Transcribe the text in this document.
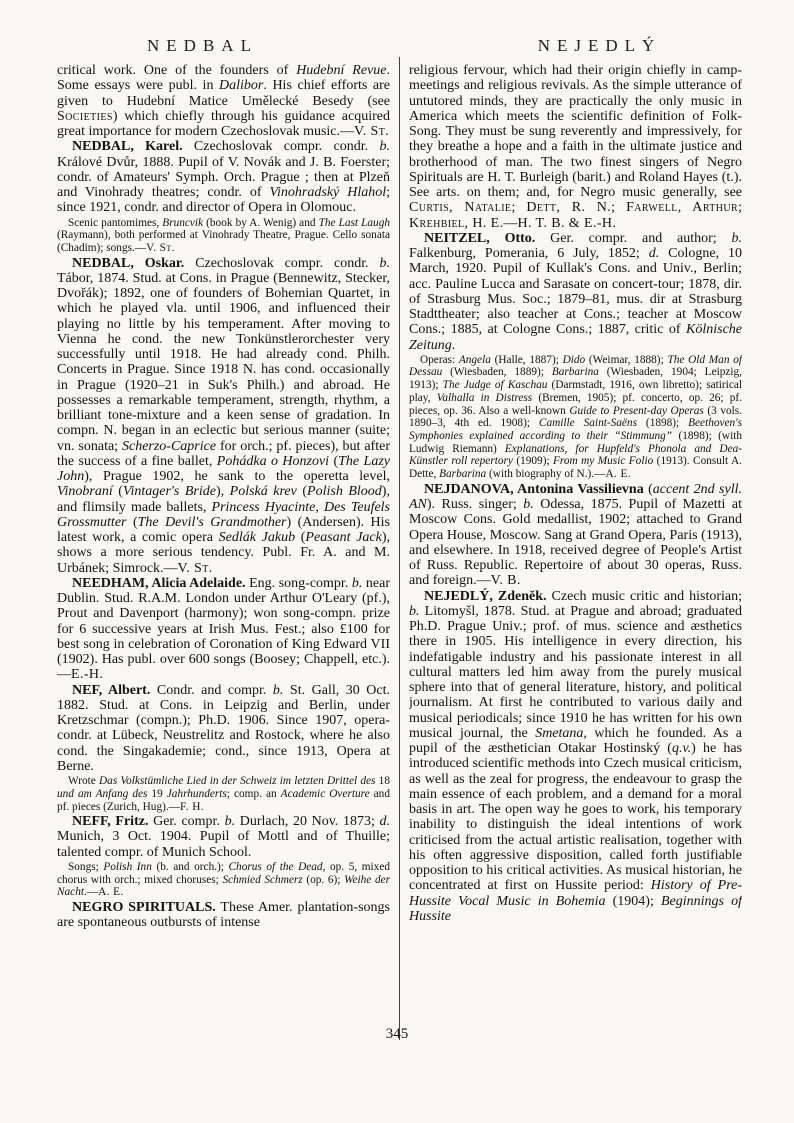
NEDBAL	NEJEDLÝ

critical work. One of the founders of Hudební Revue. Some essays were publ. in Dalibor. His chief efforts are given to Hudební Matice Umělecké Besedy (see Societies) which chiefly through his guidance acquired great importance for modern Czechoslovak music.—V. St.

NEDBAL, Karel. Czechoslovak compr. condr. b. Králové Dvůr, 1888. Pupil of V. Novák and J. B. Foerster; condr. of Amateurs' Symph. Orch. Prague ; then at Plzeň and Vinohrady theatres; condr. of Vinohradský Hlahol; since 1921, condr. and director of Opera in Olomouc.

Scenic pantomimes, Bruncvik (book by A. Wenig) and The Last Laugh (Raymann), both performed at Vinohrady Theatre, Prague. Cello sonata (Chadim); songs.—V. St.

NEDBAL, Oskar. Czechoslovak compr. condr. b. Tábor, 1874. Stud. at Cons. in Prague (Bennewitz, Stecker, Dvořák); 1892, one of founders of Bohemian Quartet, in which he played vla. until 1906, and influenced their playing no little by his temperament. After moving to Vienna he cond. the new Tonkünstlerorchester very successfully until 1918. He had already cond. Philh. Concerts in Prague. Since 1918 N. has cond. occasionally in Prague (1920–21 in Suk's Philh.) and abroad. He possesses a remarkable temperament, strength, rhythm, a brilliant tone-mixture and a keen sense of gradation. In compn. N. began in an eclectic but serious manner (suite; vn. sonata; Scherzo-Caprice for orch.; pf. pieces), but after the success of a fine ballet, Pohádka o Honzovi (The Lazy John), Prague 1902, he sank to the operetta level, Vinobraní (Vintager's Bride), Polská krev (Polish Blood), and flimsily made ballets, Princess Hyacinte, Des Teufels Grossmutter (The Devil's Grandmother) (Andersen). His latest work, a comic opera Sedlák Jakub (Peasant Jack), shows a more serious tendency. Publ. Fr. A. and M. Urbánek; Simrock.—V. St.

NEEDHAM, Alicia Adelaide. Eng. song-compr. b. near Dublin. Stud. R.A.M. London under Arthur O'Leary (pf.), Prout and Davenport (harmony); won song-compn. prize for 6 successive years at Irish Mus. Fest.; also £100 for best song in celebration of Coronation of King Edward VII (1902). Has publ. over 600 songs (Boosey; Chappell, etc.).—E.-H.

NEF, Albert. Condr. and compr. b. St. Gall, 30 Oct. 1882. Stud. at Cons. in Leipzig and Berlin, under Kretzschmar (compn.); Ph.D. 1906. Since 1907, opera-condr. at Lübeck, Neustrelitz and Rostock, where he also cond. the Singakademie; cond., since 1913, Opera at Berne.

Wrote Das Volkstümliche Lied in der Schweiz im letzten Drittel des 18 und am Anfang des 19 Jahrhunderts; comp. an Academic Overture and pf. pieces (Zurich, Hug).—F. H.

NEFF, Fritz. Ger. compr. b. Durlach, 20 Nov. 1873; d. Munich, 3 Oct. 1904. Pupil of Mottl and of Thuille; talented compr. of Munich School.

Songs; Polish Inn (b. and orch.); Chorus of the Dead, op. 5, mixed chorus with orch.; mixed choruses; Schmied Schmerz (op. 6); Weihe der Nacht.—A. E.

NEGRO SPIRITUALS. These Amer. plantation-songs are spontaneous outbursts of intense

religious fervour, which had their origin chiefly in camp-meetings and religious revivals. As the simple utterance of untutored minds, they are practically the only music in America which meets the scientific definition of Folk-Song. They must be sung reverently and impressively, for they breathe a hope and a faith in the ultimate justice and brotherhood of man. The two finest singers of Negro Spirituals are H. T. Burleigh (barit.) and Roland Hayes (t.). See arts. on them; and, for Negro music generally, see Curtis, Natalie; Dett, R. N.; Farwell, Arthur; Krehbiel, H. E.—H. T. B. & E.-H.

NEITZEL, Otto. Ger. compr. and author; b. Falkenburg, Pomerania, 6 July, 1852; d. Cologne, 10 March, 1920. Pupil of Kullak's Cons. and Univ., Berlin; acc. Pauline Lucca and Sarasate on concert-tour; 1878, dir. of Strasburg Mus. Soc.; 1879–81, mus. dir at Strasburg Stadttheater; also teacher at Cons.; teacher at Moscow Cons.; 1885, at Cologne Cons.; 1887, critic of Kölnische Zeitung.

Operas: Angela (Halle, 1887); Dido (Weimar, 1888); The Old Man of Dessau (Wiesbaden, 1889); Barbarina (Wiesbaden, 1904; Leipzig, 1913); The Judge of Kaschau (Darmstadt, 1916, own libretto); satirical play, Valhalla in Distress (Bremen, 1905); pf. concerto, op. 26; pf. pieces, op. 36. Also a well-known Guide to Present-day Operas (3 vols. 1890–3, 4th ed. 1908); Camille Saint-Saëns (1898); Beethoven's Symphonies explained according to their “Stimmung” (1898); (with Ludwig Riemann) Explanations, for Hupfeld's Phonola and Dea-Künstler roll repertory (1909); From my Music Folio (1913). Consult A. Dette, Barbarina (with biography of N.).—A. E.

NEJDANOVA, Antonina Vassilievna (accent 2nd syll. AN). Russ. singer; b. Odessa, 1875. Pupil of Mazetti at Moscow Cons. Gold medallist, 1902; attached to Grand Opera House, Moscow. Sang at Grand Opera, Paris (1913), and elsewhere. In 1918, received degree of People's Artist of Russ. Republic. Repertoire of about 30 operas, Russ. and foreign.—V. B.

NEJEDLÝ, Zdeněk. Czech music critic and historian; b. Litomyšl, 1878. Stud. at Prague and abroad; graduated Ph.D. Prague Univ.; prof. of mus. science and æsthetics there in 1905. His intelligence in every direction, his indefatigable industry and his passionate interest in all cultural matters led him away from the purely musical sphere into that of general literature, history, and political journalism. At first he contributed to various daily and musical periodicals; since 1910 he has written for his own musical journal, the Smetana, which he founded. As a pupil of the æsthetician Otakar Hostinský (q.v.) he has introduced scientific methods into Czech musical criticism, as well as the zeal for progress, the endeavour to grasp the main essence of each problem, and a demand for a moral basis in art. The open way he goes to work, his temporary inability to distinguish the ideal intentions of work criticised from the actual artistic realisation, together with his often aggressive disposition, called forth justifiable opposition to his critical activities. As musical historian, he concentrated at first on Hussite period: History of Pre-Hussite Vocal Music in Bohemia (1904); Beginnings of Hussite

345
